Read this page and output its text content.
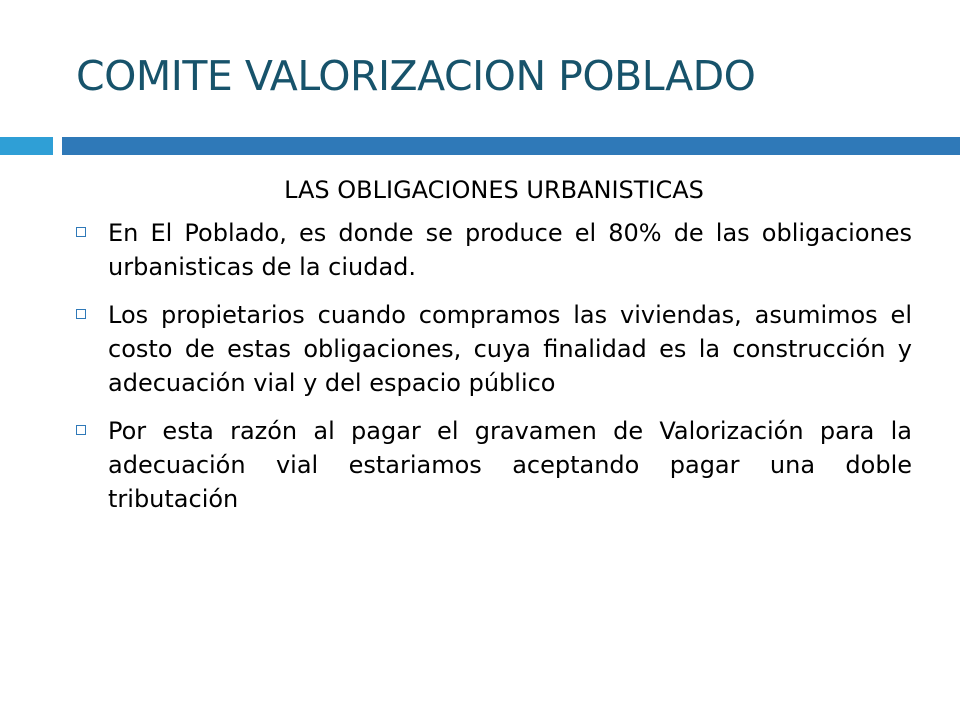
COMITE VALORIZACION POBLADO

LAS OBLIGACIONES URBANISTICAS

En El Poblado, es donde se produce el 80% de las obligaciones urbanisticas de la ciudad.
Los propietarios cuando compramos las viviendas, asumimos el costo de estas obligaciones, cuya finalidad es la construcción y adecuación vial y del espacio público
Por esta razón al pagar el gravamen de Valorización para la adecuación vial estariamos aceptando pagar una doble tributación
